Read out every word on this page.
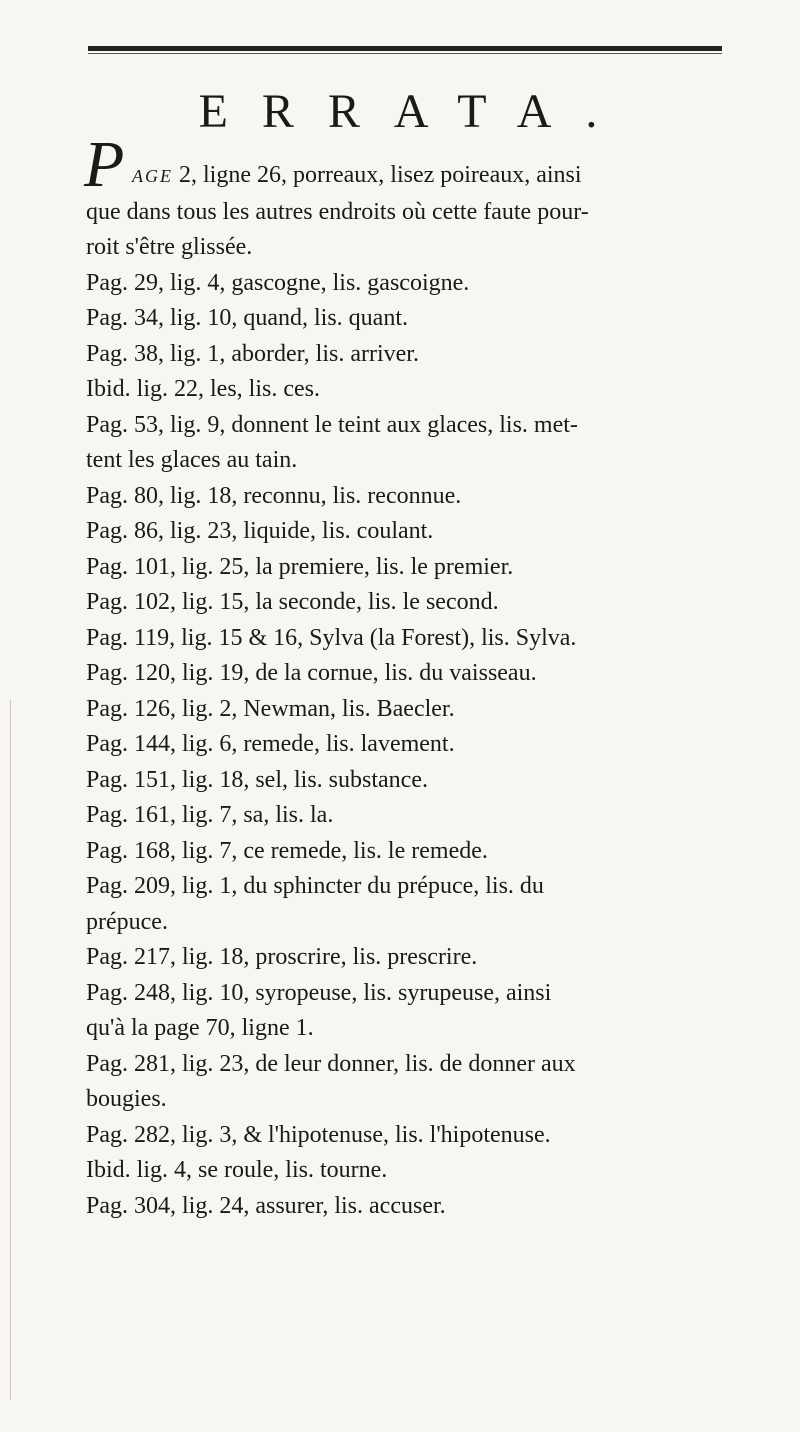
ERRATA.
P AGE 2, ligne 26, porreaux, lisez poireaux, ainsi
que dans tous les autres endroits où cette faute pour-
roit s'être glissée.
Pag. 29, lig. 4, gascogne, lis. gascoigne.
Pag. 34, lig. 10, quand, lis. quant.
Pag. 38, lig. 1, aborder, lis. arriver.
Ibid. lig. 22, les, lis. ces.
Pag. 53, lig. 9, donnent le teint aux glaces, lis. met-
tent les glaces au tain.
Pag. 80, lig. 18, reconnu, lis. reconnue.
Pag. 86, lig. 23, liquide, lis. coulant.
Pag. 101, lig. 25, la premiere, lis. le premier.
Pag. 102, lig. 15, la seconde, lis. le second.
Pag. 119, lig. 15 & 16, Sylva (la Forest), lis. Sylva.
Pag. 120, lig. 19, de la cornue, lis. du vaisseau.
Pag. 126, lig. 2, Newman, lis. Baecler.
Pag. 144, lig. 6, remede, lis. lavement.
Pag. 151, lig. 18, sel, lis. substance.
Pag. 161, lig. 7, sa, lis. la.
Pag. 168, lig. 7, ce remede, lis. le remede.
Pag. 209, lig. 1, du sphincter du prépuce, lis. du
prépuce.
Pag. 217, lig. 18, proscrire, lis. prescrire.
Pag. 248, lig. 10, syropeuse, lis. syrupeuse, ainsi
qu'à la page 70, ligne 1.
Pag. 281, lig. 23, de leur donner, lis. de donner aux
bougies.
Pag. 282, lig. 3, & l'hipotenuse, lis. l'hipotenuse.
Ibid. lig. 4, se roule, lis. tourne.
Pag. 304, lig. 24, assurer, lis. accuser.
